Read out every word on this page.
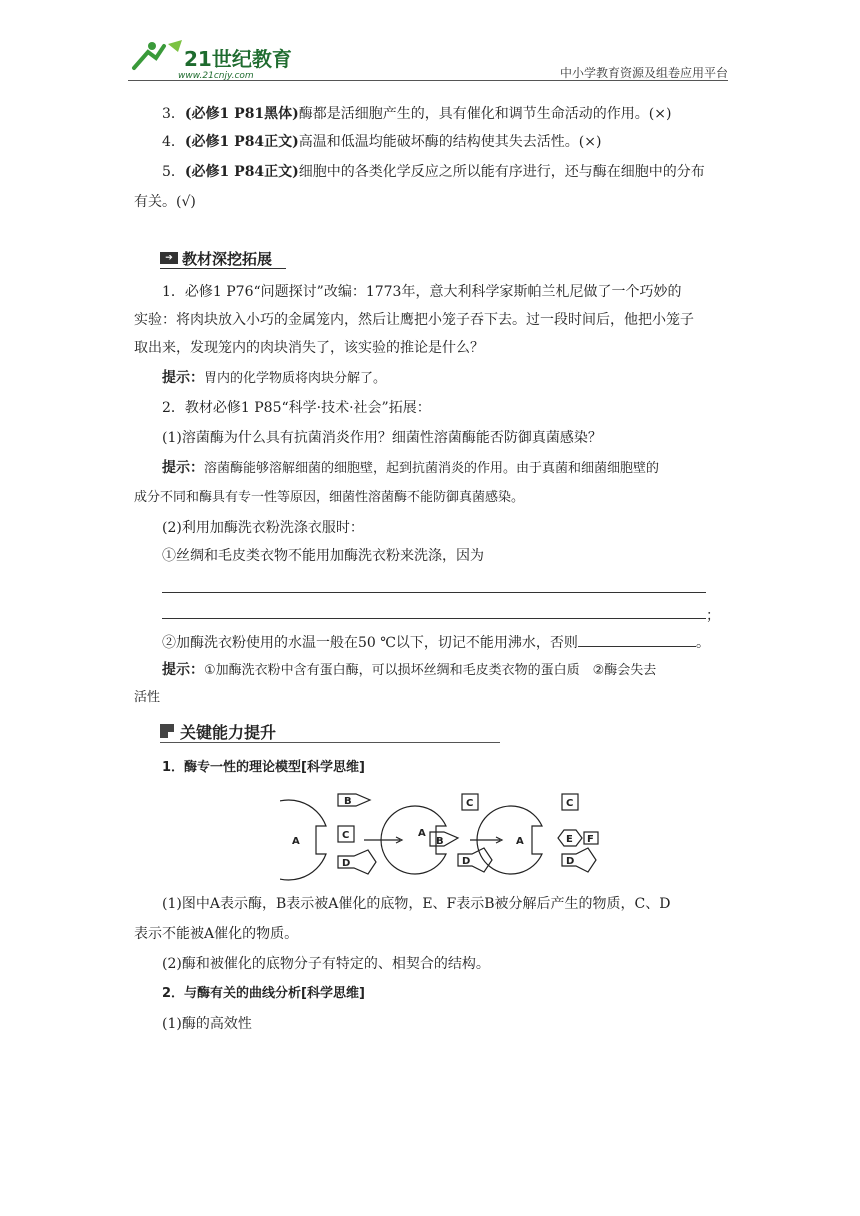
21世纪教育
www.21cnjy.com	中小学教育资源及组卷应用平台
3．(必修1 P81黑体)酶都是活细胞产生的，具有催化和调节生命活动的作用。(×)
4．(必修1 P84正文)高温和低温均能破坏酶的结构使其失去活性。(×)
5．(必修1 P84正文)细胞中的各类化学反应之所以能有序进行，还与酶在细胞中的分布
有关。(√)
➔ 教材深挖拓展
1．必修1 P76“问题探讨”改编：1773年，意大利科学家斯帕兰札尼做了一个巧妙的
实验：将肉块放入小巧的金属笼内，然后让鹰把小笼子吞下去。过一段时间后，他把小笼子
取出来，发现笼内的肉块消失了，该实验的推论是什么？
提示：胃内的化学物质将肉块分解了。
2．教材必修1 P85“科学·技术·社会”拓展：
(1)溶菌酶为什么具有抗菌消炎作用？细菌性溶菌酶能否防御真菌感染？
提示：溶菌酶能够溶解细菌的细胞壁，起到抗菌消炎的作用。由于真菌和细菌细胞壁的
成分不同和酶具有专一性等原因，细菌性溶菌酶不能防御真菌感染。
(2)利用加酶洗衣粉洗涤衣服时：
①丝绸和毛皮类衣物不能用加酶洗衣粉来洗涤，因为
；
②加酶洗衣粉使用的水温一般在50 ℃以下，切记不能用沸水，否则	。
提示：①加酶洗衣粉中含有蛋白酶，可以损坏丝绸和毛皮类衣物的蛋白质　②酶会失去
活性
关键能力提升
1．酶专一性的理论模型[科学思维]
A
B
C
D
A
B
C
D
A
C
E F
D
(1)图中A表示酶，B表示被A催化的底物，E、F表示B被分解后产生的物质，C、D
表示不能被A催化的物质。
(2)酶和被催化的底物分子有特定的、相契合的结构。
2．与酶有关的曲线分析[科学思维]
(1)酶的高效性
